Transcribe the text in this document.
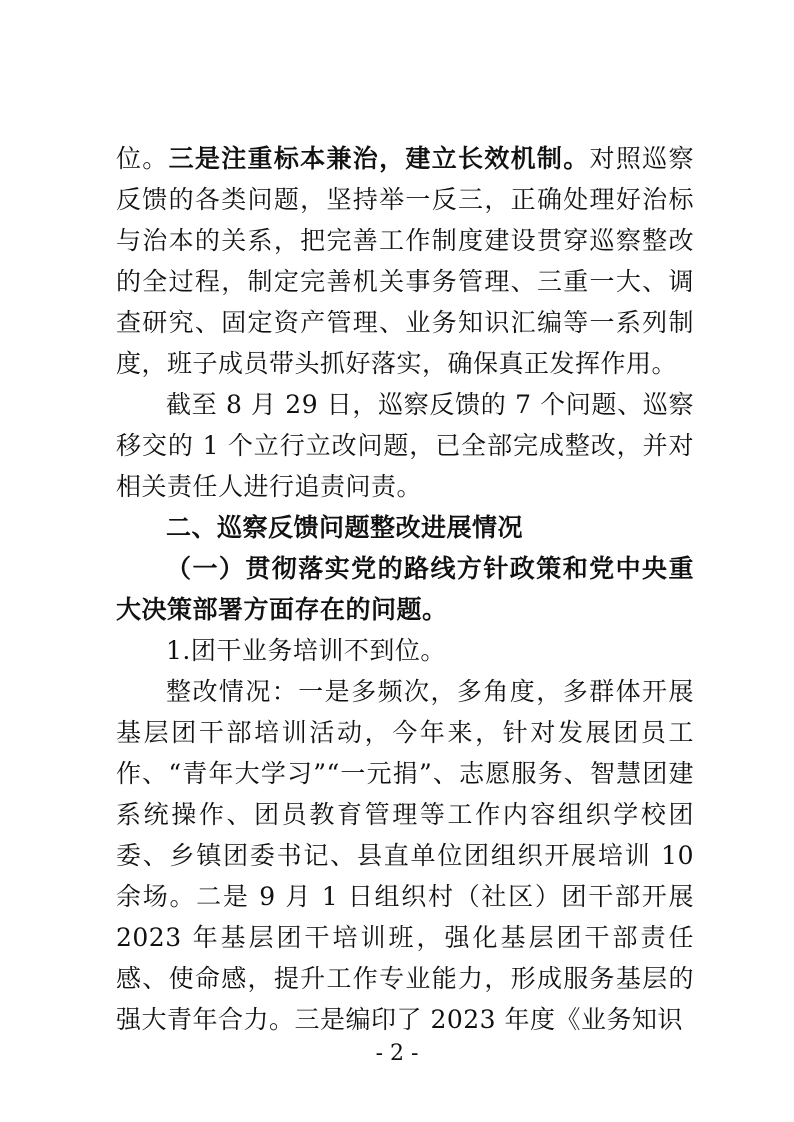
位。三是注重标本兼治，建立长效机制。对照巡察反馈的各类问题，坚持举一反三，正确处理好治标与治本的关系，把完善工作制度建设贯穿巡察整改的全过程，制定完善机关事务管理、三重一大、调查研究、固定资产管理、业务知识汇编等一系列制度，班子成员带头抓好落实，确保真正发挥作用。

截至 8 月 29 日，巡察反馈的 7 个问题、巡察移交的 1 个立行立改问题，已全部完成整改，并对相关责任人进行追责问责。

二、巡察反馈问题整改进展情况

（一）贯彻落实党的路线方针政策和党中央重大决策部署方面存在的问题。

1.团干业务培训不到位。

整改情况：一是多频次，多角度，多群体开展基层团干部培训活动，今年来，针对发展团员工作、“青年大学习”“一元捐”、志愿服务、智慧团建系统操作、团员教育管理等工作内容组织学校团委、乡镇团委书记、县直单位团组织开展培训 10 余场。二是 9 月 1 日组织村（社区）团干部开展 2023 年基层团干培训班，强化基层团干部责任感、使命感，提升工作专业能力，形成服务基层的强大青年合力。三是编印了 2023 年度《业务知识

- 2 -
